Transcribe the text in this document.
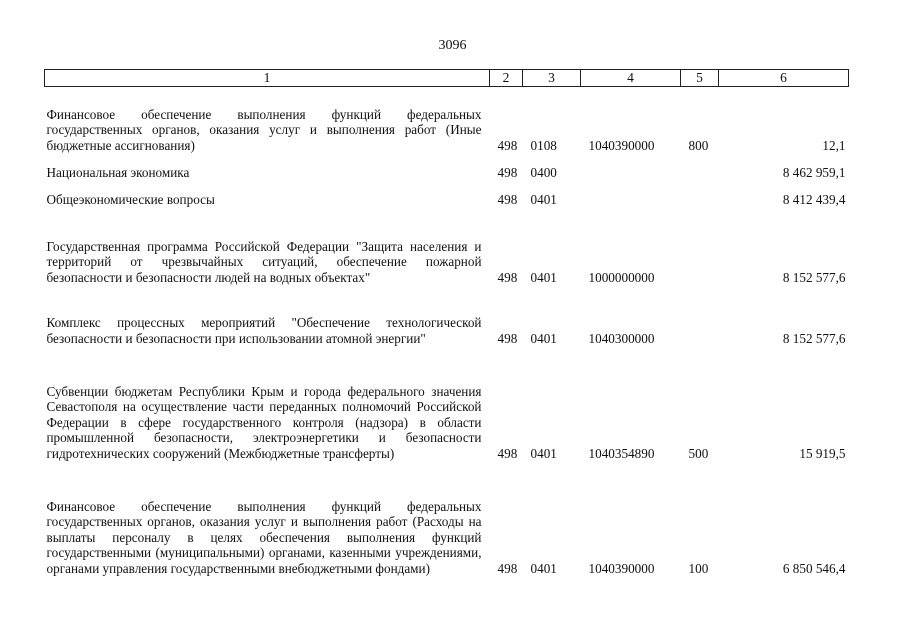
3096
1	2	3	4	5	6
Финансовое обеспечение выполнения функций федеральных государственных органов, оказания услуг и выполнения работ (Иные бюджетные ассигнования)	498	0108	1040390000	800	12,1
Национальная экономика	498	0400			8 462 959,1
Общеэкономические вопросы	498	0401			8 412 439,4
Государственная программа Российской Федерации "Защита населения и территорий от чрезвычайных ситуаций, обеспечение пожарной безопасности и безопасности людей на водных объектах"	498	0401	1000000000		8 152 577,6
Комплекс процессных мероприятий "Обеспечение технологической безопасности и безопасности при использовании атомной энергии"	498	0401	1040300000		8 152 577,6
Субвенции бюджетам Республики Крым и города федерального значения Севастополя на осуществление части переданных полномочий Российской Федерации в сфере государственного контроля (надзора) в области промышленной безопасности, электроэнергетики и безопасности гидротехнических сооружений (Межбюджетные трансферты)	498	0401	1040354890	500	15 919,5
Финансовое обеспечение выполнения функций федеральных государственных органов, оказания услуг и выполнения работ (Расходы на выплаты персоналу в целях обеспечения выполнения функций государственными (муниципальными) органами, казенными учреждениями, органами управления государственными внебюджетными фондами)	498	0401	1040390000	100	6 850 546,4
